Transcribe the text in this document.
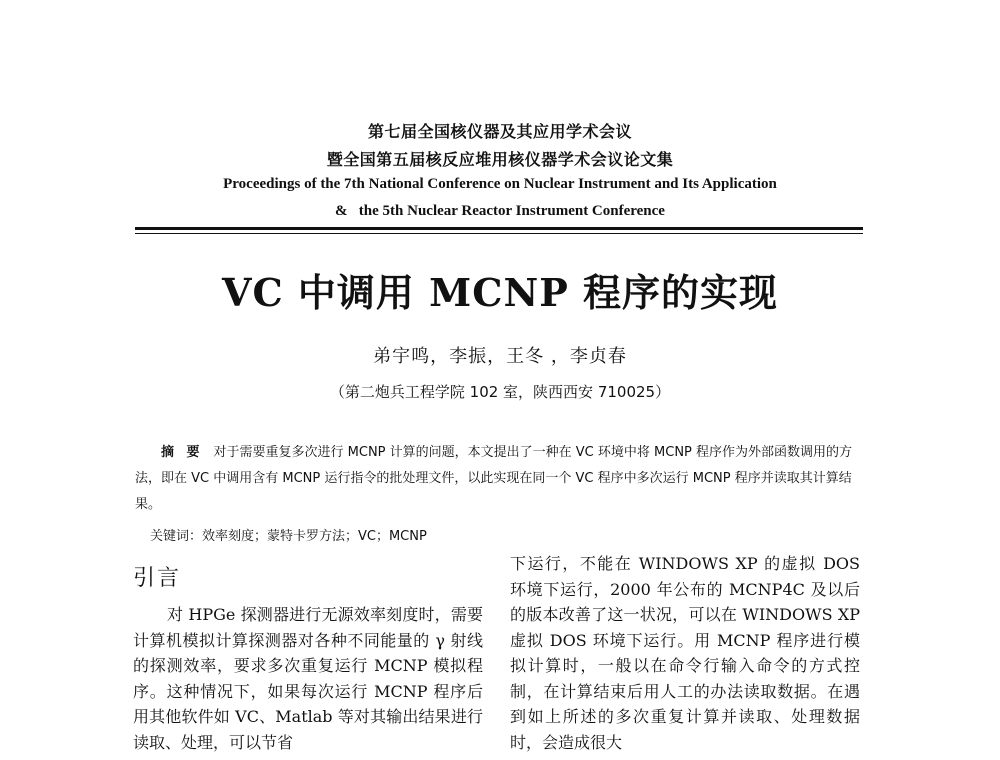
第七届全国核仪器及其应用学术会议
暨全国第五届核反应堆用核仪器学术会议论文集
Proceedings of the 7th National Conference on Nuclear Instrument and Its Application
&   the 5th Nuclear Reactor Instrument Conference
VC 中调用 MCNP 程序的实现
弟宇鸣，李振，王冬 ，李贞春
（第二炮兵工程学院 102 室，陕西西安 710025）
摘 要 对于需要重复多次进行 MCNP 计算的问题，本文提出了一种在 VC 环境中将 MCNP 程序作为外部函数调用的方法，即在 VC 中调用含有 MCNP 运行指令的批处理文件，以此实现在同一个 VC 程序中多次运行 MCNP 程序并读取其计算结果。
关键词：效率刻度；蒙特卡罗方法；VC；MCNP
引言

对 HPGe 探测器进行无源效率刻度时，需要计算机模拟计算探测器对各种不同能量的 γ 射线的探测效率，要求多次重复运行 MCNP 模拟程序。这种情况下，如果每次运行 MCNP 程序后用其他软件如 VC、Matlab 等对其输出结果进行读取、处理，可以节省

下运行，不能在 WINDOWS XP 的虚拟 DOS 环境下运行，2000 年公布的 MCNP4C 及以后的版本改善了这一状况，可以在 WINDOWS XP 虚拟 DOS 环境下运行。用 MCNP 程序进行模拟计算时，一般以在命令行输入命令的方式控制，在计算结束后用人工的办法读取数据。在遇到如上所述的多次重复计算并读取、处理数据时，会造成很大
